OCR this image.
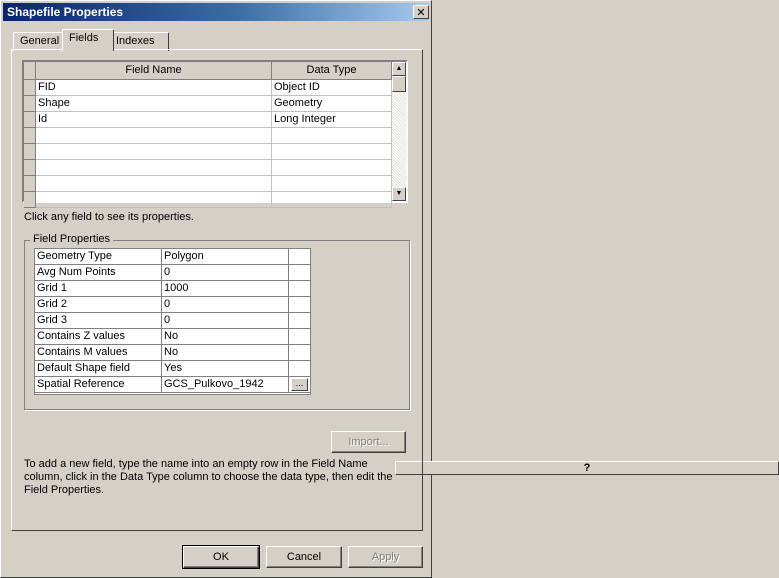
Shapefile Properties
?
✕
General Fields	Indexes
Field Name	Data Type
FID	Object ID
Shape	Geometry
Id	Long Integer
▲
▼
Click any field to see its properties.
Field Properties
Geometry Type	Polygon
Avg Num Points	0
Grid 1	1000
Grid 2	0
Grid 3	0
Contains Z values	No
Contains M values	No
Default Shape field	Yes
Spatial Reference	GCS_Pulkovo_1942	...
Import...
To add a new field, type the name into an empty row in the Field Name column, click in the Data Type column to choose the data type, then edit the Field Properties.
OK	Cancel	Apply
